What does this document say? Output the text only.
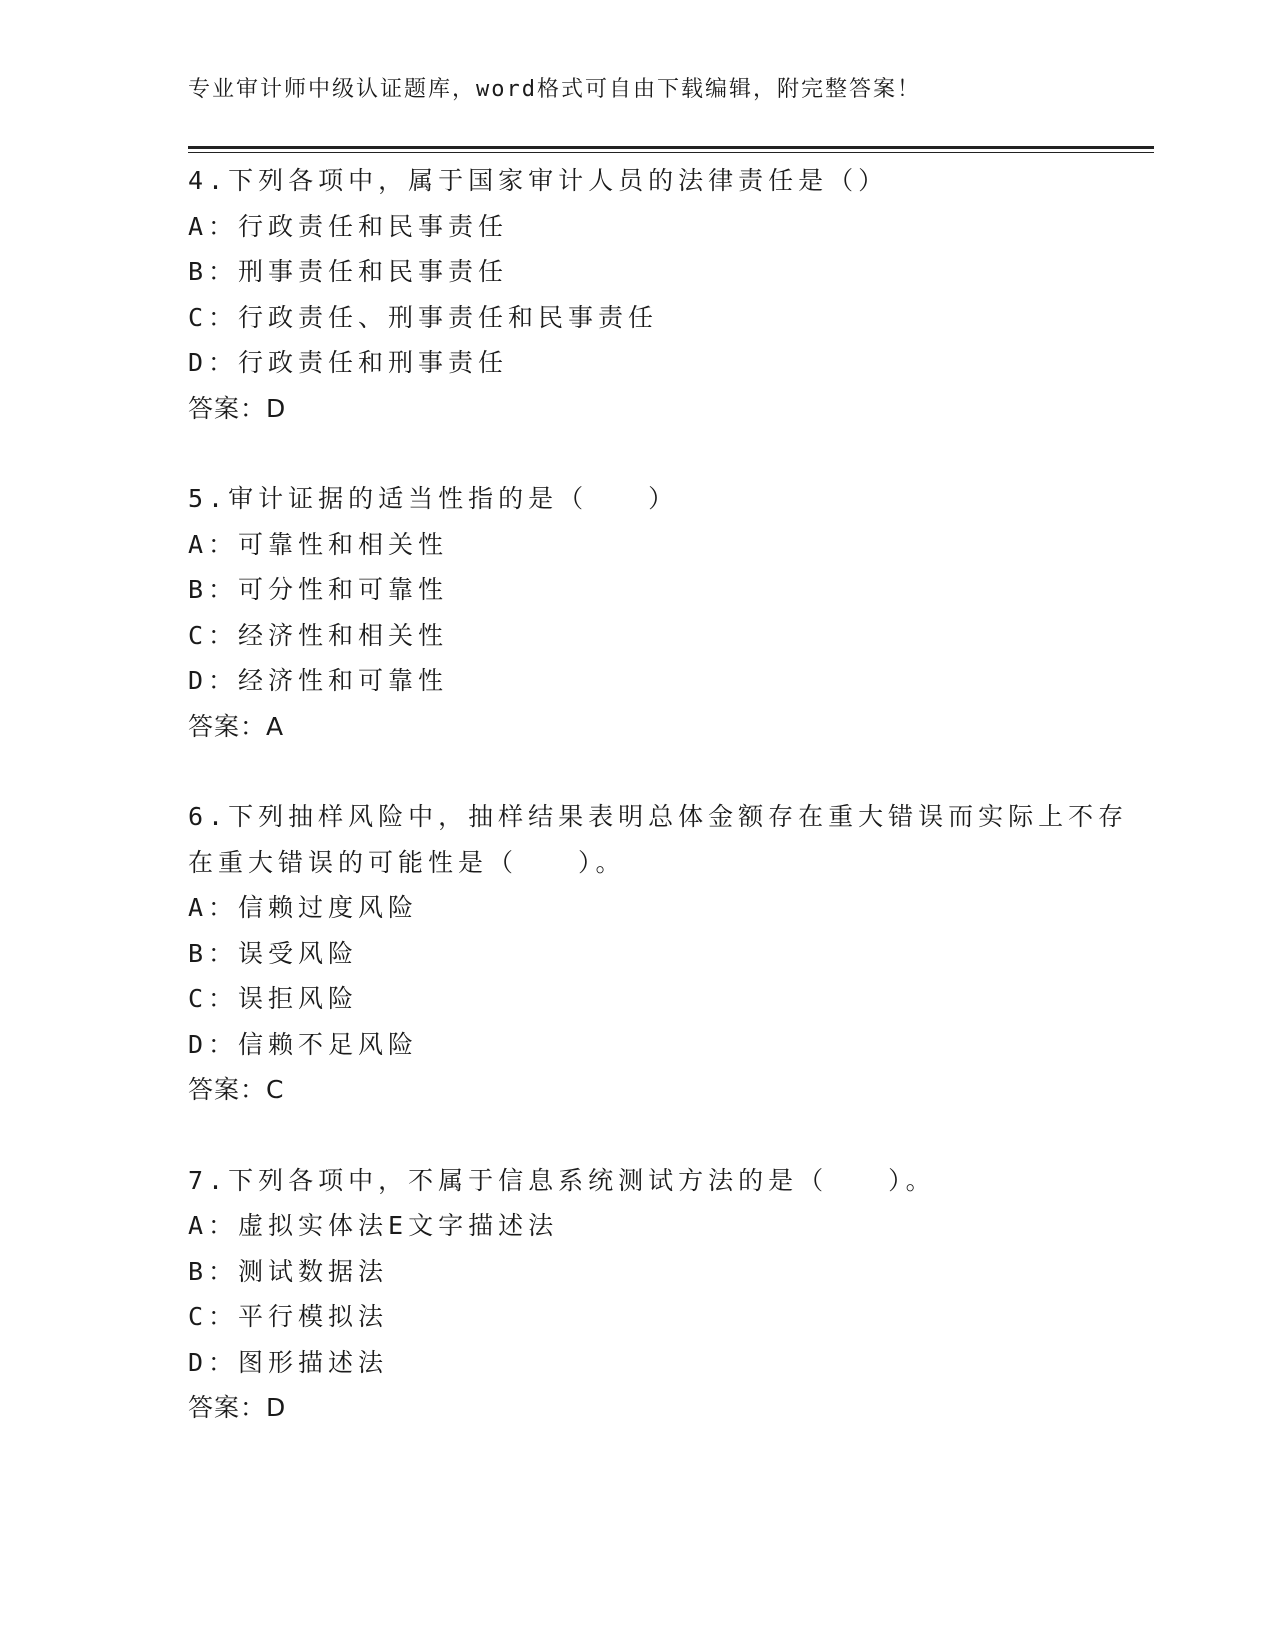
专业审计师中级认证题库，word格式可自由下载编辑，附完整答案！

4.下列各项中，属于国家审计人员的法律责任是（）

A：行政责任和民事责任

B：刑事责任和民事责任

C：行政责任、刑事责任和民事责任

D：行政责任和刑事责任

答案：D

5.审计证据的适当性指的是（　　）

A：可靠性和相关性

B：可分性和可靠性

C：经济性和相关性

D：经济性和可靠性

答案：A

6.下列抽样风险中，抽样结果表明总体金额存在重大错误而实际上不存在重大错误的可能性是（　　）。

A：信赖过度风险

B：误受风险

C：误拒风险

D：信赖不足风险

答案：C

7.下列各项中，不属于信息系统测试方法的是（　　）。

A：虚拟实体法E文字描述法

B：测试数据法

C：平行模拟法

D：图形描述法

答案：D
